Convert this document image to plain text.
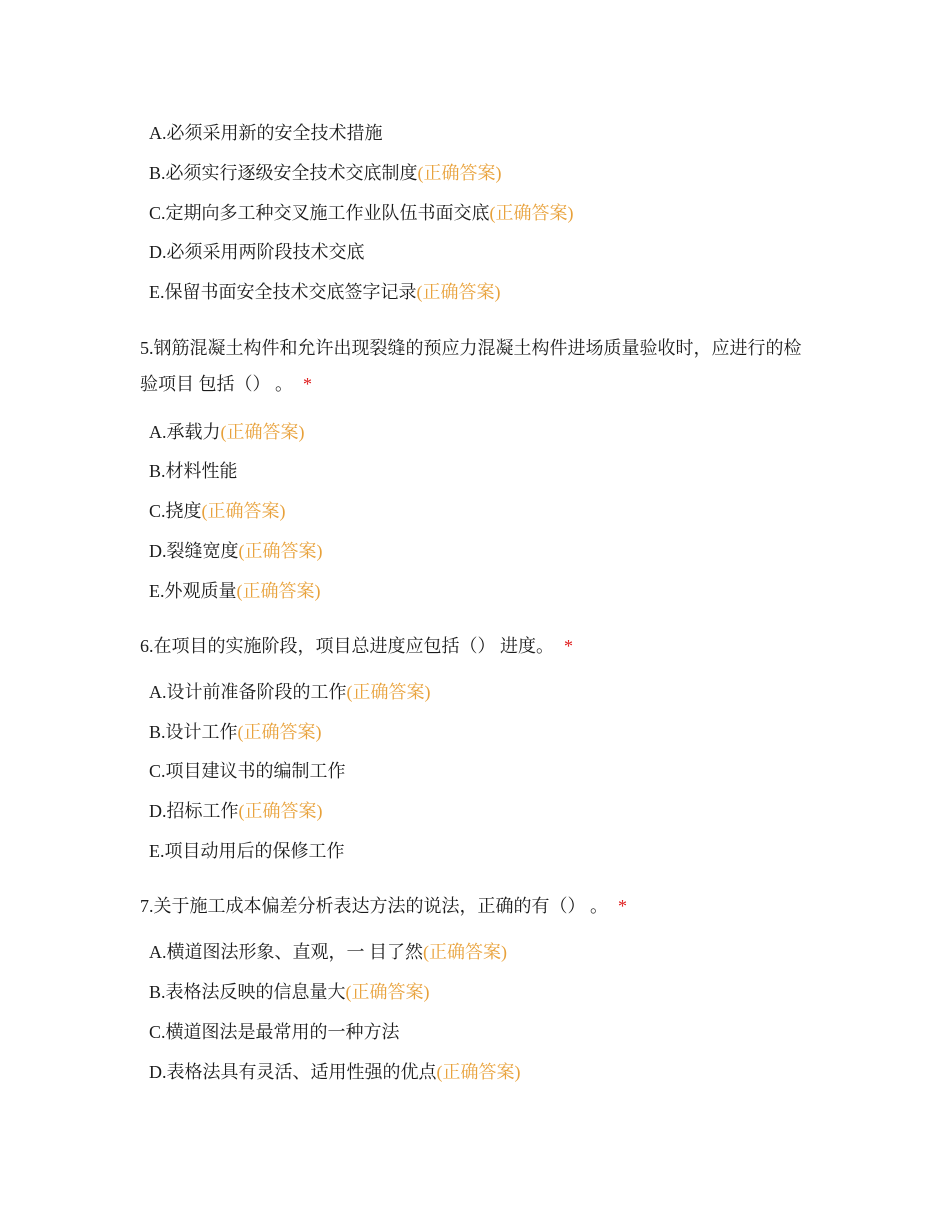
A.必须采用新的安全技术措施
B.必须实行逐级安全技术交底制度(正确答案)
C.定期向多工种交叉施工作业队伍书面交底(正确答案)
D.必须采用两阶段技术交底
E.保留书面安全技术交底签字记录(正确答案)
5.钢筋混凝土构件和允许出现裂缝的预应力混凝土构件进场质量验收时，应进行的检验项目 包括（） 。 *
A.承载力(正确答案)
B.材料性能
C.挠度(正确答案)
D.裂缝宽度(正确答案)
E.外观质量(正确答案)
6.在项目的实施阶段，项目总进度应包括（） 进度。 *
A.设计前准备阶段的工作(正确答案)
B.设计工作(正确答案)
C.项目建议书的编制工作
D.招标工作(正确答案)
E.项目动用后的保修工作
7.关于施工成本偏差分析表达方法的说法，正确的有（） 。 *
A.横道图法形象、直观，一 目了然(正确答案)
B.表格法反映的信息量大(正确答案)
C.横道图法是最常用的一种方法
D.表格法具有灵活、适用性强的优点(正确答案)
